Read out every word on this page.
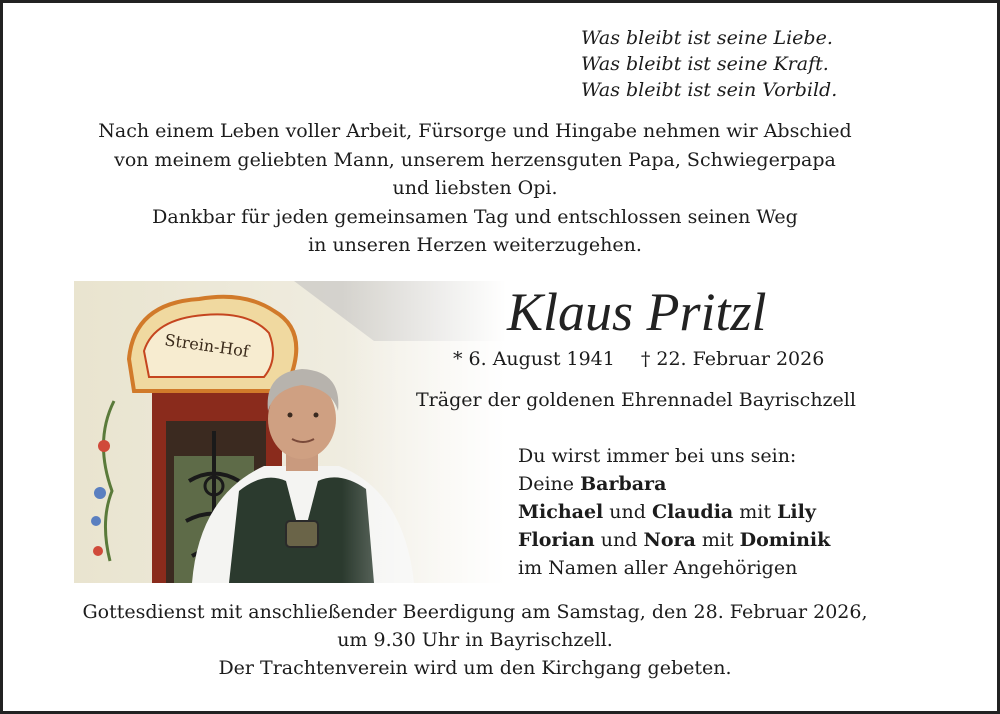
Was bleibt ist seine Liebe.
Was bleibt ist seine Kraft.
Was bleibt ist sein Vorbild.
Nach einem Leben voller Arbeit, Fürsorge und Hingabe nehmen wir Abschied
von meinem geliebten Mann, unserem herzensguten Papa, Schwiegerpapa
und liebsten Opi.
Dankbar für jeden gemeinsamen Tag und entschlossen seinen Weg
in unseren Herzen weiterzugehen.
Klaus Pritzl
* 6. August 1941 † 22. Februar 2026
Träger der goldenen Ehrennadel Bayrischzell
Du wirst immer bei uns sein:
Deine Barbara
Michael und Claudia mit Lily
Florian und Nora mit Dominik
im Namen aller Angehörigen
Gottesdienst mit anschließender Beerdigung am Samstag, den 28. Februar 2026,
um 9.30 Uhr in Bayrischzell.
Der Trachtenverein wird um den Kirchgang gebeten.
